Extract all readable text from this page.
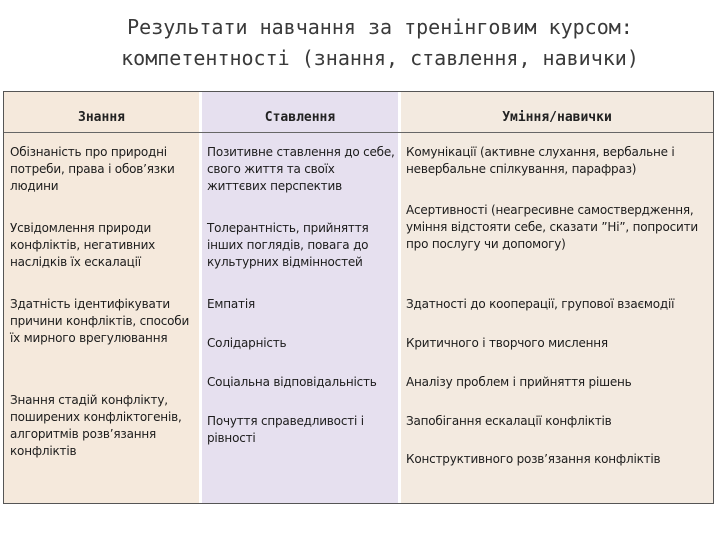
Результати навчання за тренінговим курсом:
компетентності (знання, ставлення, навички)
Знання	Ставлення	Уміння/навички
Обізнаність про природні потреби, права і обов’язки людини
Усвідомлення природи конфліктів, негативних наслідків їх ескалації
Здатність ідентифікувати причини конфліктів, способи їх мирного врегулювання
Знання стадій конфлікту, поширених конфліктогенів, алгоритмів розв’язання конфліктів
Позитивне ставлення до себе, свого життя та своїх життєвих перспектив
Толерантність, прийняття інших поглядів, повага до культурних відмінностей
Емпатія
Солідарність
Соціальна відповідальність
Почуття справедливості і рівності
Комунікації (активне слухання, вербальне і невербальне спілкування, парафраз)
Асертивності (неагресивне самоствердження, уміння відстояти себе, сказати ”Ні”, попросити про послугу чи допомогу)
Здатності до кооперації, групової взаємодії
Критичного і творчого мислення
Аналізу проблем і прийняття рішень
Запобігання ескалації конфліктів
Конструктивного розв’язання конфліктів
